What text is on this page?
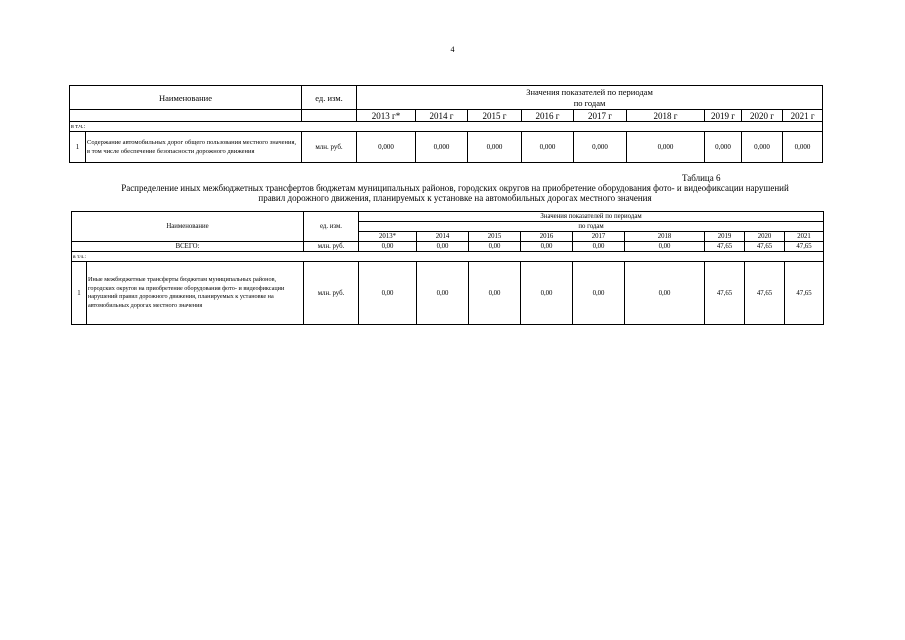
4
Наименование		ед. изм.	Значения показателей по периодам								
			по годам								
			2013 г*	2014 г	2015 г	2016 г	2017 г	2018 г	2019 г	2020 г	2021 г
в т.ч.:											
1	Содержание автомобильных дорог общего пользования местного значения, в том числе обеспечение безопасности дорожного движения	млн. руб.	0,000	0,000	0,000	0,000	0,000	0,000	0,000	0,000	0,000
Таблица 6
Распределение иных межбюджетных трансфертов бюджетам муниципальных районов, городских округов на приобретение оборудования фото- и видеофиксации нарушений
правил дорожного движения, планируемых к установке на автомобильных дорогах местного значения
Наименование		ед. изм.	Значения показателей по периодам								
			по годам								
			2013*	2014	2015	2016	2017	2018	2019	2020	2021
ВСЕГО:		млн. руб.	0,00	0,00	0,00	0,00	0,00	0,00	47,65	47,65	47,65
в т.ч.:											
1	Иные межбюджетные трансферты бюджетам муниципальных районов, городских округов на приобретение оборудования фото- и видеофиксации нарушений правил дорожного движения, планируемых к установке на автомобильных дорогах местного значения	млн. руб.	0,00	0,00	0,00	0,00	0,00	0,00	47,65	47,65	47,65
